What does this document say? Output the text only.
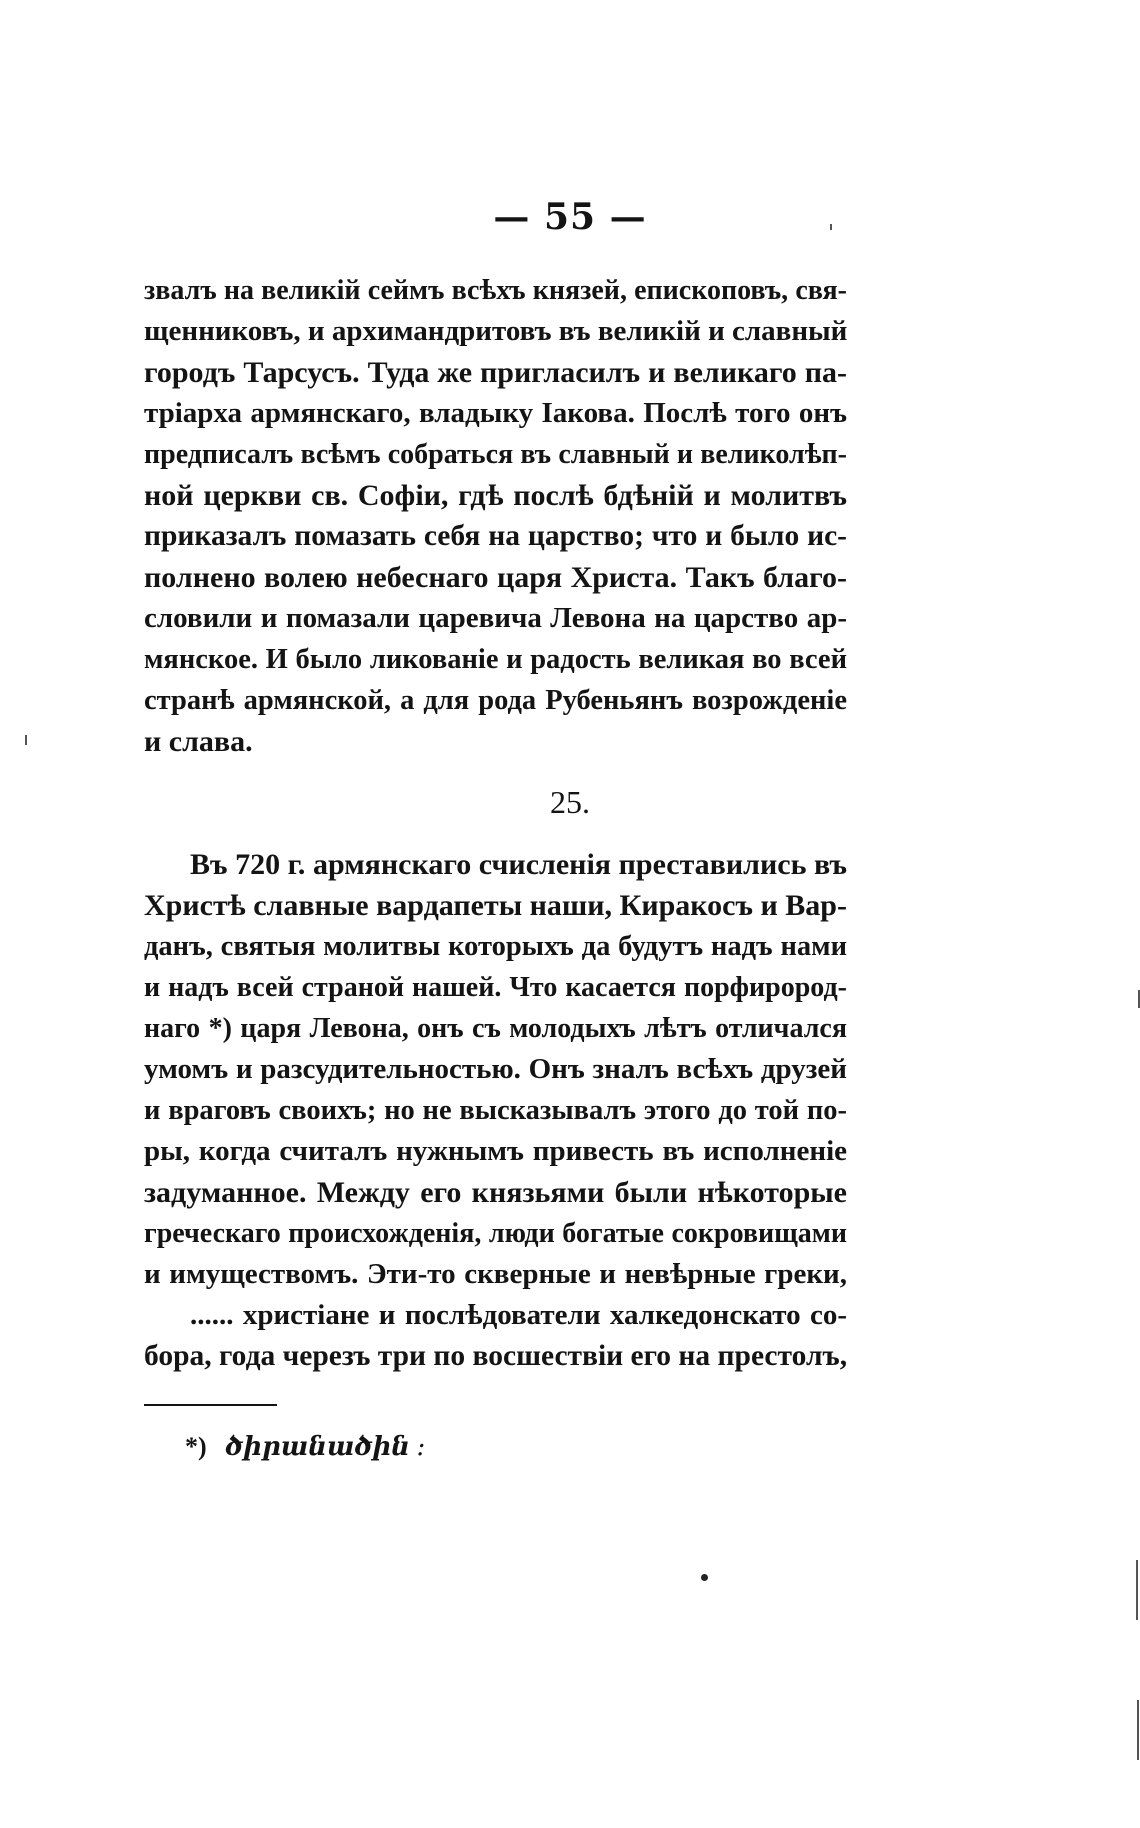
— 55 —
звалъ на великій сеймъ всѣхъ князей, епископовъ, свя-
щенниковъ, и архимандритовъ въ великій и славный
городъ Тарсусъ. Туда же пригласилъ и великаго па-
тріарха армянскаго, владыку Іакова. Послѣ того онъ
предписалъ всѣмъ собраться въ славный и великолѣп-
ной церкви св. Софіи, гдѣ послѣ бдѣній и молитвъ
приказалъ помазать себя на царство; что и было ис-
полнено волею небеснаго царя Христа. Такъ благо-
словили и помазали царевича Левона на царство ар-
мянское. И было ликованіе и радость великая во всей
странѣ армянской, а для рода Рубеньянъ возрожденіе
и слава.
25.
Въ 720 г. армянскаго счисленія преставились въ
Христѣ славные вардапеты наши, Киракосъ и Вар-
данъ, святыя молитвы которыхъ да будутъ надъ нами
и надъ всей страной нашей. Что касается порфирород-
наго *) царя Левона, онъ съ молодыхъ лѣтъ отличался
умомъ и разсудительностью. Онъ зналъ всѣхъ друзей
и враговъ своихъ; но не высказывалъ этого до той по-
ры, когда считалъ нужнымъ привесть въ исполненіе
задуманное. Между его князьями были нѣкоторые
греческаго происхожденія, люди богатые сокровищами
и имуществомъ. Эти-то скверные и невѣрные греки,
...... христіане и послѣдователи халкедонскато со-
бора, года черезъ три по восшествіи его на престолъ,
*) ծիրանածին ։
